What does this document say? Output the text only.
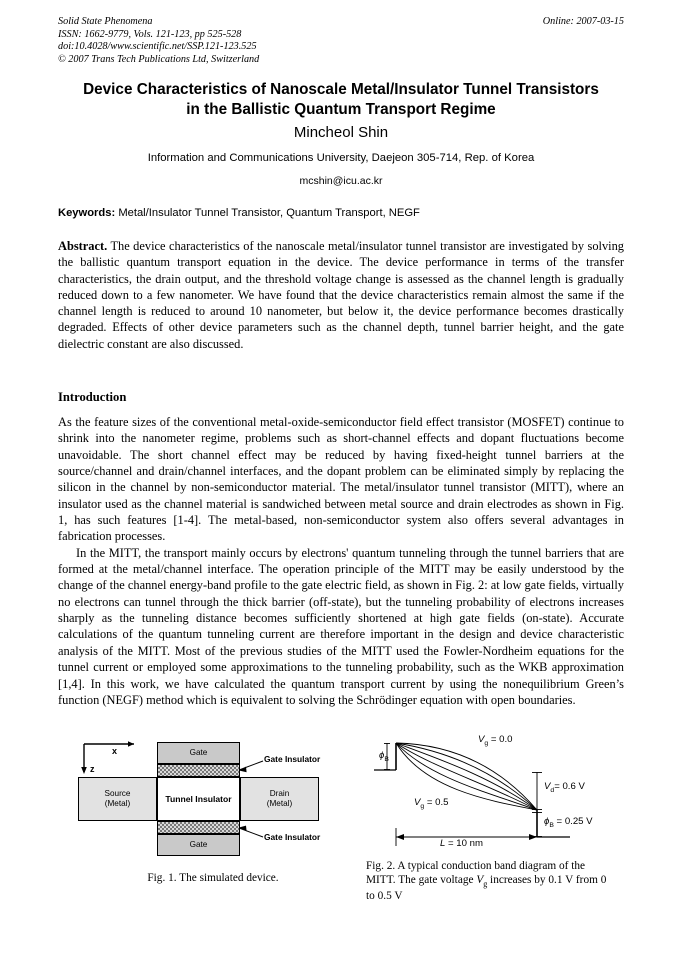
Solid State Phenomena	Online: 2007-03-15
ISSN: 1662-9779, Vols. 121-123, pp 525-528
doi:10.4028/www.scientific.net/SSP.121-123.525
© 2007 Trans Tech Publications Ltd, Switzerland
Device Characteristics of Nanoscale Metal/Insulator Tunnel Transistors
in the Ballistic Quantum Transport Regime
Mincheol Shin
Information and Communications University, Daejeon 305-714, Rep. of Korea
mcshin@icu.ac.kr
Keywords: Metal/Insulator Tunnel Transistor, Quantum Transport, NEGF
Abstract. The device characteristics of the nanoscale metal/insulator tunnel transistor are investigated by solving the ballistic quantum transport equation in the device. The device performance in terms of the transfer characteristics, the drain output, and the threshold voltage change is assessed as the channel length is gradually reduced down to a few nanometer. We have found that the device characteristics remain almost the same if the channel length is reduced to around 10 nanometer, but below it, the device performance becomes drastically degraded. Effects of other device parameters such as the channel depth, tunnel barrier height, and the gate dielectric constant are also discussed.
Introduction

As the feature sizes of the conventional metal-oxide-semiconductor field effect transistor (MOSFET) continue to shrink into the nanometer regime, problems such as short-channel effects and dopant fluctuations become unavoidable. The short channel effect may be reduced by having fixed-height tunnel barriers at the source/channel and drain/channel interfaces, and the dopant problem can be eliminated simply by replacing the silicon in the channel by non-semiconductor material. The metal/insulator tunnel transistor (MITT), where an insulator used as the channel material is sandwiched between metal source and drain electrodes as shown in Fig. 1, has such features [1-4]. The metal-based, non-semiconductor system also offers several advantages in fabrication processes.

In the MITT, the transport mainly occurs by electrons' quantum tunneling through the tunnel barriers that are formed at the metal/channel interface. The operation principle of the MITT may be easily understood by the change of the channel energy-band profile to the gate electric field, as shown in Fig. 2: at low gate fields, virtually no electrons can tunnel through the thick barrier (off-state), but the tunneling probability of electrons increases sharply as the tunneling distance becomes sufficiently shortened at high gate fields (on-state). Accurate calculations of the quantum tunneling current are therefore important in the design and device characteristic analysis of the MITT. Most of the previous studies of the MITT used the Fowler-Nordheim equations for the tunnel current or employed some approximations to the tunneling probability, such as the WKB approximation [1,4]. In this work, we have calculated the quantum transport current by using the nonequilibrium Green’s function (NEGF) method which is equivalent to solving the Schrödinger equation with open boundaries.

x
z
Gate
Source
(Metal)	Tunnel Insulator
Drain
(Metal)
Gate
Gate Insulator
Gate Insulator
Fig. 1. The simulated device.
$\phi_B$
$V_g = 0.0$
$V_g = 0.5$
$V_d= 0.6$ V
$\phi_B = 0.25$ V
L = 10 nm
Fig. 2. A typical conduction band diagram of the MITT. The gate voltage $V_g$ increases by 0.1 V from 0 to 0.5 V
